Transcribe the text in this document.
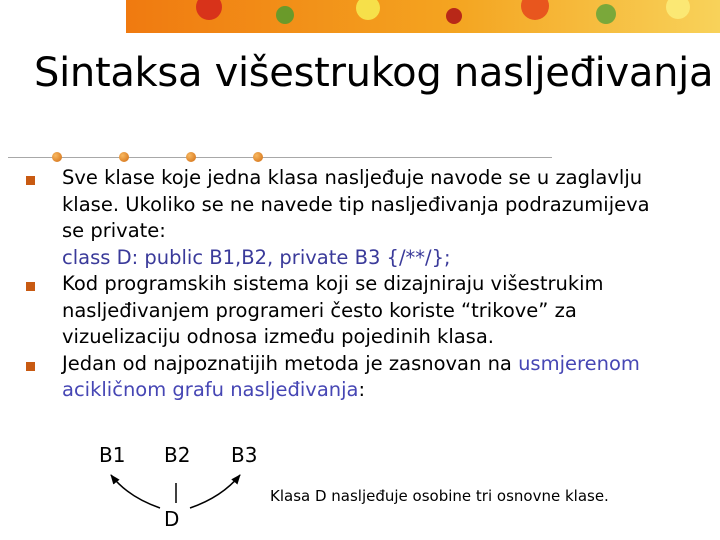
Sintaksa višestrukog nasljeđivanja
Sve klase koje jedna klasa nasljeđuje navode se u zaglavlju
klase. Ukoliko se ne navede tip nasljeđivanja podrazumijeva
se private:
class D: public B1,B2, private B3 {/**/};
Kod programskih sistema koji se dizajniraju višestrukim
nasljeđivanjem programeri često koriste “trikove” za
vizuelizaciju odnosa između pojedinih klasa.
Jedan od najpoznatijih metoda je zasnovan na usmjerenom
acikličnom grafu nasljeđivanja:
B1 B2 B3
D
Klasa D nasljeđuje osobine tri osnovne klase.
